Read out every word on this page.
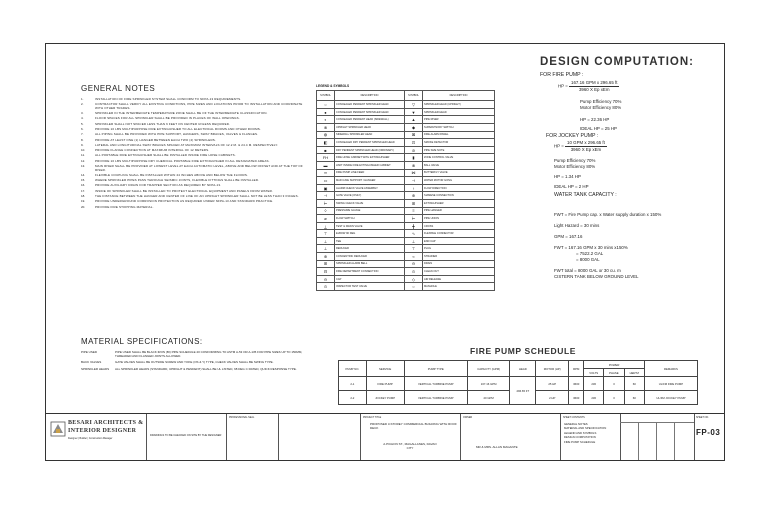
GENERAL NOTES
1.	INSTALLATION OF FIRE SPRINKLER SYSTEM SHALL CONFORM TO NFPA-13 REQUIREMENTS.
2.	CONTRACTOR SHALL VERIFY ALL EXISTING CONDITIONS, PIPE SIZES AND LOCATIONS PRIOR TO INSTALLATION AND COORDINATE WITH OTHER TRADES.
3.	SPRINKLER IN THE INTERMEDIATE TEMPERATURE ZONE SHALL BE OF THE INTERMEDIATE CLASSIFICATION.
4.	FLOOR SPACES FOR ALL SPRINKLER SHALL BE PROVIDED IN PLACES OF WALL OPENINGS.
5.	SPRINKLER SHALL NOT SPACED LESS THAN 6 FEET ON CENTER UNLESS REQUIRED.
6.	PROVIDE 10 LBS MULTIPURPOSE FIRE EXTINGUISHER TO ALL ELECTRICAL ROOMS AND OTHER ROOMS.
7.	ALL PIPING SHALL BE PROVIDED WITH PIPE SUPPORT, HANGERS, SWAY BRACES, VALVES & FLANGES.
8.	PROVIDE AT LEAST ONE (1) HANGER BETWEEN EACH TWO (2) SPRINKLERS.
9.	LATERAL AND LONGITUDINAL SWAY BRACES SPACED AT MAXIMUM INTERVALS OF 12.2 M. & 24.4 M. RESPECTIVELY.
10.	PROVIDE FLANGE CONNECTION AT MAXIMUM INTERVAL OF 12 METERS.
11.	ALL PORTABLE FIRE EXTINGUISHER SHALL BE INSTALLED INSIDE FIRE HOSE CABINETS.
12.	PROVIDE 10 LBS MULTIPURPOSE DRY CHEMICAL PORTABLE FIRE EXTINGUISHER IN ALL DESIGNATED AREAS.
13.	MAIN RISER SHALL BE PROVIDED AT LOWEST LEVEL AT EACH AUTOMATIC LEVEL, ABOVE AND BELOW OFFSET AND AT THE TOP OF RISER.
14.	FLEXIBLE COUPLING SHALL BE INSTALLED WITHIN 24 INCHES ABOVE AND BELOW THE FLOORS.
15.	WHERE SPRINKLER PIPES PASS THROUGH SEISMIC JOINTS, FLEXIBLE FITTINGS SHALL BE INSTALLED.
16.	PROVIDE AUXILIARY DRAIN FOR TRAPPED SECTION AS REQUIRED BY NFPA-13.
17.	INSIDE OF SPRINKLER SHALL BE INSTALLED TO PROTECT ELECTRICAL EQUIPMENT AND PANELS FROM WATER.
18.	THE DISTANCE BETWEEN THE HANGER AND CENTER OF LINE OF AN UPRIGHT SPRINKLER SHALL NOT BE LESS THAN 3 INCHES.
19.	PROVIDE UNDERGROUND CORROSION PROTECTION AS REQUIRED UNDER NFPA-13 AND STANDARD PRACTICE.
20.	PROVIDE FIRE STOPPING MATERIAL.
MATERIAL SPECIFICATIONS:
PIPE USED	PIPE USED SHALL BE BLACK IRON (BI) PIPE SCHEDULE 40 CONFORMING TO ASTM A-53 OR A-135 FOR PIPE SIZES UP TO 150MM, THREADED AND FLANGED JOINTS ALLOWED.
BACK VALVES	GATE VALVES SHALL BE OUTSIDE SCREW AND YOKE (OS & Y) TYPE, CHECK VALVES SHALL BE SWING TYPE.
SPRINKLER HEADS	ALL SPRINKLER HEADS (STANDARD, UPRIGHT & PENDENT) SHALL BE UL LISTED, 68 DEG C RATED, QUICK RESPONSE TYPE.
LEGEND & SYMBOLS
SYMBOL	DESCRIPTION	SYMBOL	DESCRIPTION
○	CONCEALED PENDENT SPRINKLER HEAD	▽	SPRINKLER HEAD (UPRIGHT)
●	CONCEALED PENDENT SPRINKLER HEAD	▼	SPRINKLER HEAD
◐	CONCEALED PENDENT HEAD (SIDEWALL)	▲	PIPE RISER
⊗	UPRIGHT SPRINKLER HEAD	◆	SUPERVISORY SWITCH
◍	SIDEWALL SPRINKLER HEAD	⊠	FIRE ALARM PANEL
◧	CONCEALED DRY PENDENT SPRINKLER HEAD	⊡	SMOKE DETECTOR
■	DRY PENDENT SPRINKLER HEAD (ORDINARY)	⊘	PIPE SIZE NOTE
FH	FIRE HOSE CABINET WITH EXTINGUISHER	▮	ZONE CONTROL VALVE
▬	LIMIT INSIDE FIRE EXTINGUISHER CABINET	⊗	BALL VALVE
═	FIRE PUMP LINE FEED	⋈	BUTTERFLY VALVE
▭	MAIN LINE SUPPORT / HANGER	⊣	WATER MOTOR GONG
▣	ALARM CHECK VALVE ASSEMBLY	↑	FLOW DIRECTION
⊣	GATE VALVE (OS&Y)	⊕	SIAMESE CONNECTION
⊢	SWING CHECK VALVE	⊞	EXTINGUISHER
◊	PRESSURE GAUGE	≡	PIPE HANGER
⌀	FLOW SWITCH	⊢	PIPE UNION
⟂	TEST & DRAIN VALVE	╋	CROSS
⊤	ELBOW 90 DEG	∿	FLEXIBLE CONNECTOR
⊥	TEE	⊥	END CAP
⊥	REDUCER	⊤	PLUG
⊕	CONCENTRIC REDUCER	≈	STRAINER
⊞	SPRINKLER ALARM BELL	⊖	DRAIN
⊟	FIRE DEPARTMENT CONNECTION	⊙	CLEAN OUT
⊖	CAP	◇	AIR RELEASE
⊙	INSPECTOR TEST VALVE	○	MANHOLE
DESIGN COMPUTATION:
FOR FIRE PUMP :
HP = $\frac{\text{167.16 GPM x 296.65 ft}}{\text{3960 X Ep xEm}}$
Pump Efficiency 70%
Motor Efficiency 80%
HP = 22.36 HP
IDEAL HP = 25 HP
FOR JOCKEY PUMP :
HP = $\frac{\text{10 GPM x 296.65 ft}}{\text{3960 X Ep xEm}}$
Pump Efficiency 70%
Motor Efficiency 80%
HP = 1.34 HP
IDEAL HP = 2 HP
WATER TANK CAPACITY :
FWT = Fire Pump cap. x Water supply duration x 150%
Light Hazard = 30 mins
GPM = 167.16
FWT = 167.16 GPM x 30 mins x150%
= 7522.2 GAL
= 8000 GAL
FWT total = 8000 GAL or 30 cu. m
CISTERN TANK BELOW GROUND LEVEL
FIRE PUMP SCHEDULE
PUMP NO.	SERVICE	PUMP TYPE	CAPACITY (GPM)	HEAD	MOTOR (HP)	RPM	POWER			REMARKS
							VOLTS	PHASE	HERTZ	
2-1	FIRE PUMP	VERTICAL TURBINE PUMP	167.16 GPM	296.65 FT	25 HP	3600	230	3	60	UL/FM FIRE PUMP
2-2	JOCKEY PUMP	VERTICAL TURBINE PUMP	20 GPM		2 HP	3600	230	3	60	UL/FM JOCKEY PUMP
BESARI ARCHITECTS &
INTERIOR DESIGNER
Designer | Builder | Construction Manager
DRAWINGS TO BE CHECKED ON SITE BY THE DESIGNER
PROFESSIONAL SEAL	PROJECT TITLE
PROPOSED 3-STOREY COMMERCIAL BUILDING WITH ROOF DECK
A.PICHON ST., MAGALLANES, DAVAO CITY
OWNER
MR & MRS. ALLAN MAGANTE
SHEET CONTENTS
GENERAL NOTES
MATERIAL AND SPECIFICATION
LEGEND AND SYMBOLS
DESIGN COMPUTATION
FIRE PUMP SCHEDULE
SHEET NO.
FP-03
